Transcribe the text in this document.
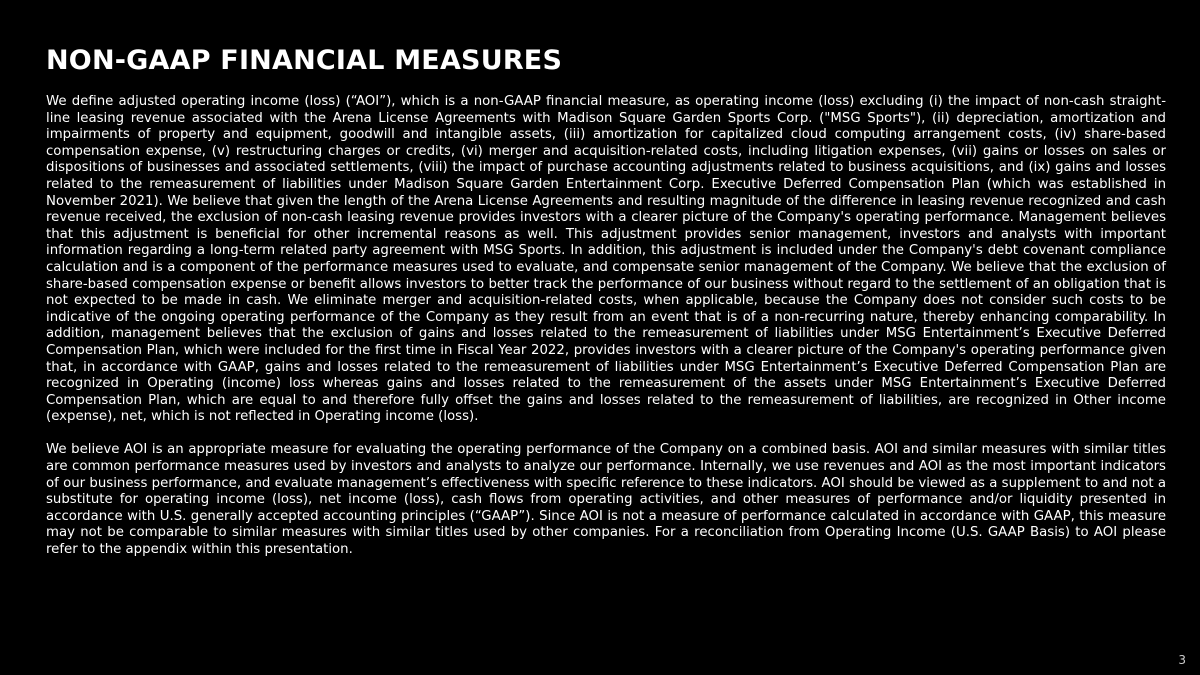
NON-GAAP FINANCIAL MEASURES

We define adjusted operating income (loss) (“AOI”), which is a non-GAAP financial measure, as operating income (loss) excluding (i) the impact of non-cash straight-line leasing revenue associated with the Arena License Agreements with Madison Square Garden Sports Corp. ("MSG Sports"), (ii) depreciation, amortization and impairments of property and equipment, goodwill and intangible assets, (iii) amortization for capitalized cloud computing arrangement costs, (iv) share-based compensation expense, (v) restructuring charges or credits, (vi) merger and acquisition-related costs, including litigation expenses, (vii) gains or losses on sales or dispositions of businesses and associated settlements, (viii) the impact of purchase accounting adjustments related to business acquisitions, and (ix) gains and losses related to the remeasurement of liabilities under Madison Square Garden Entertainment Corp. Executive Deferred Compensation Plan (which was established in November 2021). We believe that given the length of the Arena License Agreements and resulting magnitude of the difference in leasing revenue recognized and cash revenue received, the exclusion of non-cash leasing revenue provides investors with a clearer picture of the Company's operating performance. Management believes that this adjustment is beneficial for other incremental reasons as well. This adjustment provides senior management, investors and analysts with important information regarding a long-term related party agreement with MSG Sports. In addition, this adjustment is included under the Company's debt covenant compliance calculation and is a component of the performance measures used to evaluate, and compensate senior management of the Company. We believe that the exclusion of share-based compensation expense or benefit allows investors to better track the performance of our business without regard to the settlement of an obligation that is not expected to be made in cash. We eliminate merger and acquisition-related costs, when applicable, because the Company does not consider such costs to be indicative of the ongoing operating performance of the Company as they result from an event that is of a non-recurring nature, thereby enhancing comparability. In addition, management believes that the exclusion of gains and losses related to the remeasurement of liabilities under MSG Entertainment’s Executive Deferred Compensation Plan, which were included for the first time in Fiscal Year 2022, provides investors with a clearer picture of the Company's operating performance given that, in accordance with GAAP, gains and losses related to the remeasurement of liabilities under MSG Entertainment’s Executive Deferred Compensation Plan are recognized in Operating (income) loss whereas gains and losses related to the remeasurement of the assets under MSG Entertainment’s Executive Deferred Compensation Plan, which are equal to and therefore fully offset the gains and losses related to the remeasurement of liabilities, are recognized in Other income (expense), net, which is not reflected in Operating income (loss).

We believe AOI is an appropriate measure for evaluating the operating performance of the Company on a combined basis. AOI and similar measures with similar titles are common performance measures used by investors and analysts to analyze our performance. Internally, we use revenues and AOI as the most important indicators of our business performance, and evaluate management’s effectiveness with specific reference to these indicators. AOI should be viewed as a supplement to and not a substitute for operating income (loss), net income (loss), cash flows from operating activities, and other measures of performance and/or liquidity presented in accordance with U.S. generally accepted accounting principles (“GAAP”). Since AOI is not a measure of performance calculated in accordance with GAAP, this measure may not be comparable to similar measures with similar titles used by other companies. For a reconciliation from Operating Income (U.S. GAAP Basis) to AOI please refer to the appendix within this presentation.

3
